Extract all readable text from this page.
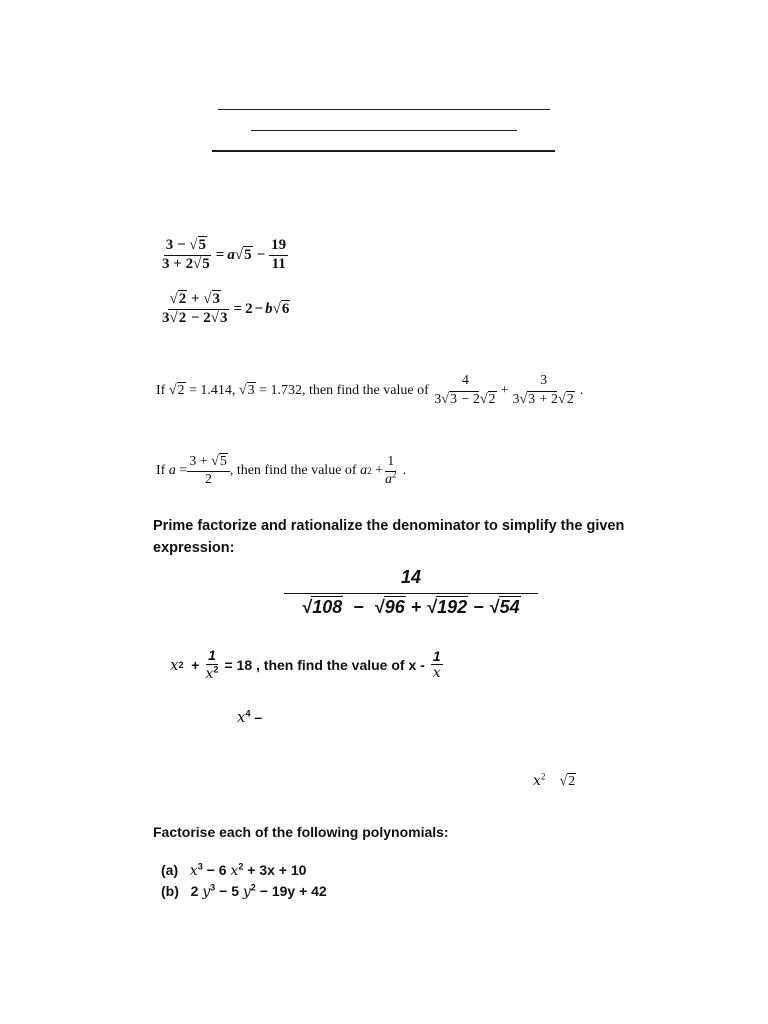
$\frac{3 - √5}{3 + 2√5} = a$ √ $5 - \frac{19}{11}$
$\frac{√2 + √3}{3√2 - 2√3} = 2 - b$ √ 6
If √ 2
= 1.414, √ 3
= 1.732 , then find the value of
$\frac{4}{3√3 - 2√2} + \frac{3}{3√3 + 2√2}$ .
If
$a = \frac{3 + √5}{2}$ , then find the value of
a $2 + \frac{1}{a^2}$ .
Prime factorize and rationalize the denominator to simplify the given expression:
14
√108  −  √96 + √192 − √54
x $2 + \frac{1}{x^2} = 18$ , then find the value of x - $\frac{1}{x}$
$x^4$ –
$x^2$    √2
Factorise each of the following polynomials:
(a) $x^3 - 6$ $x^2 + 3x + 10$
(b) 2 $y^3 - 5$ $y^2 - 19y + 42$
